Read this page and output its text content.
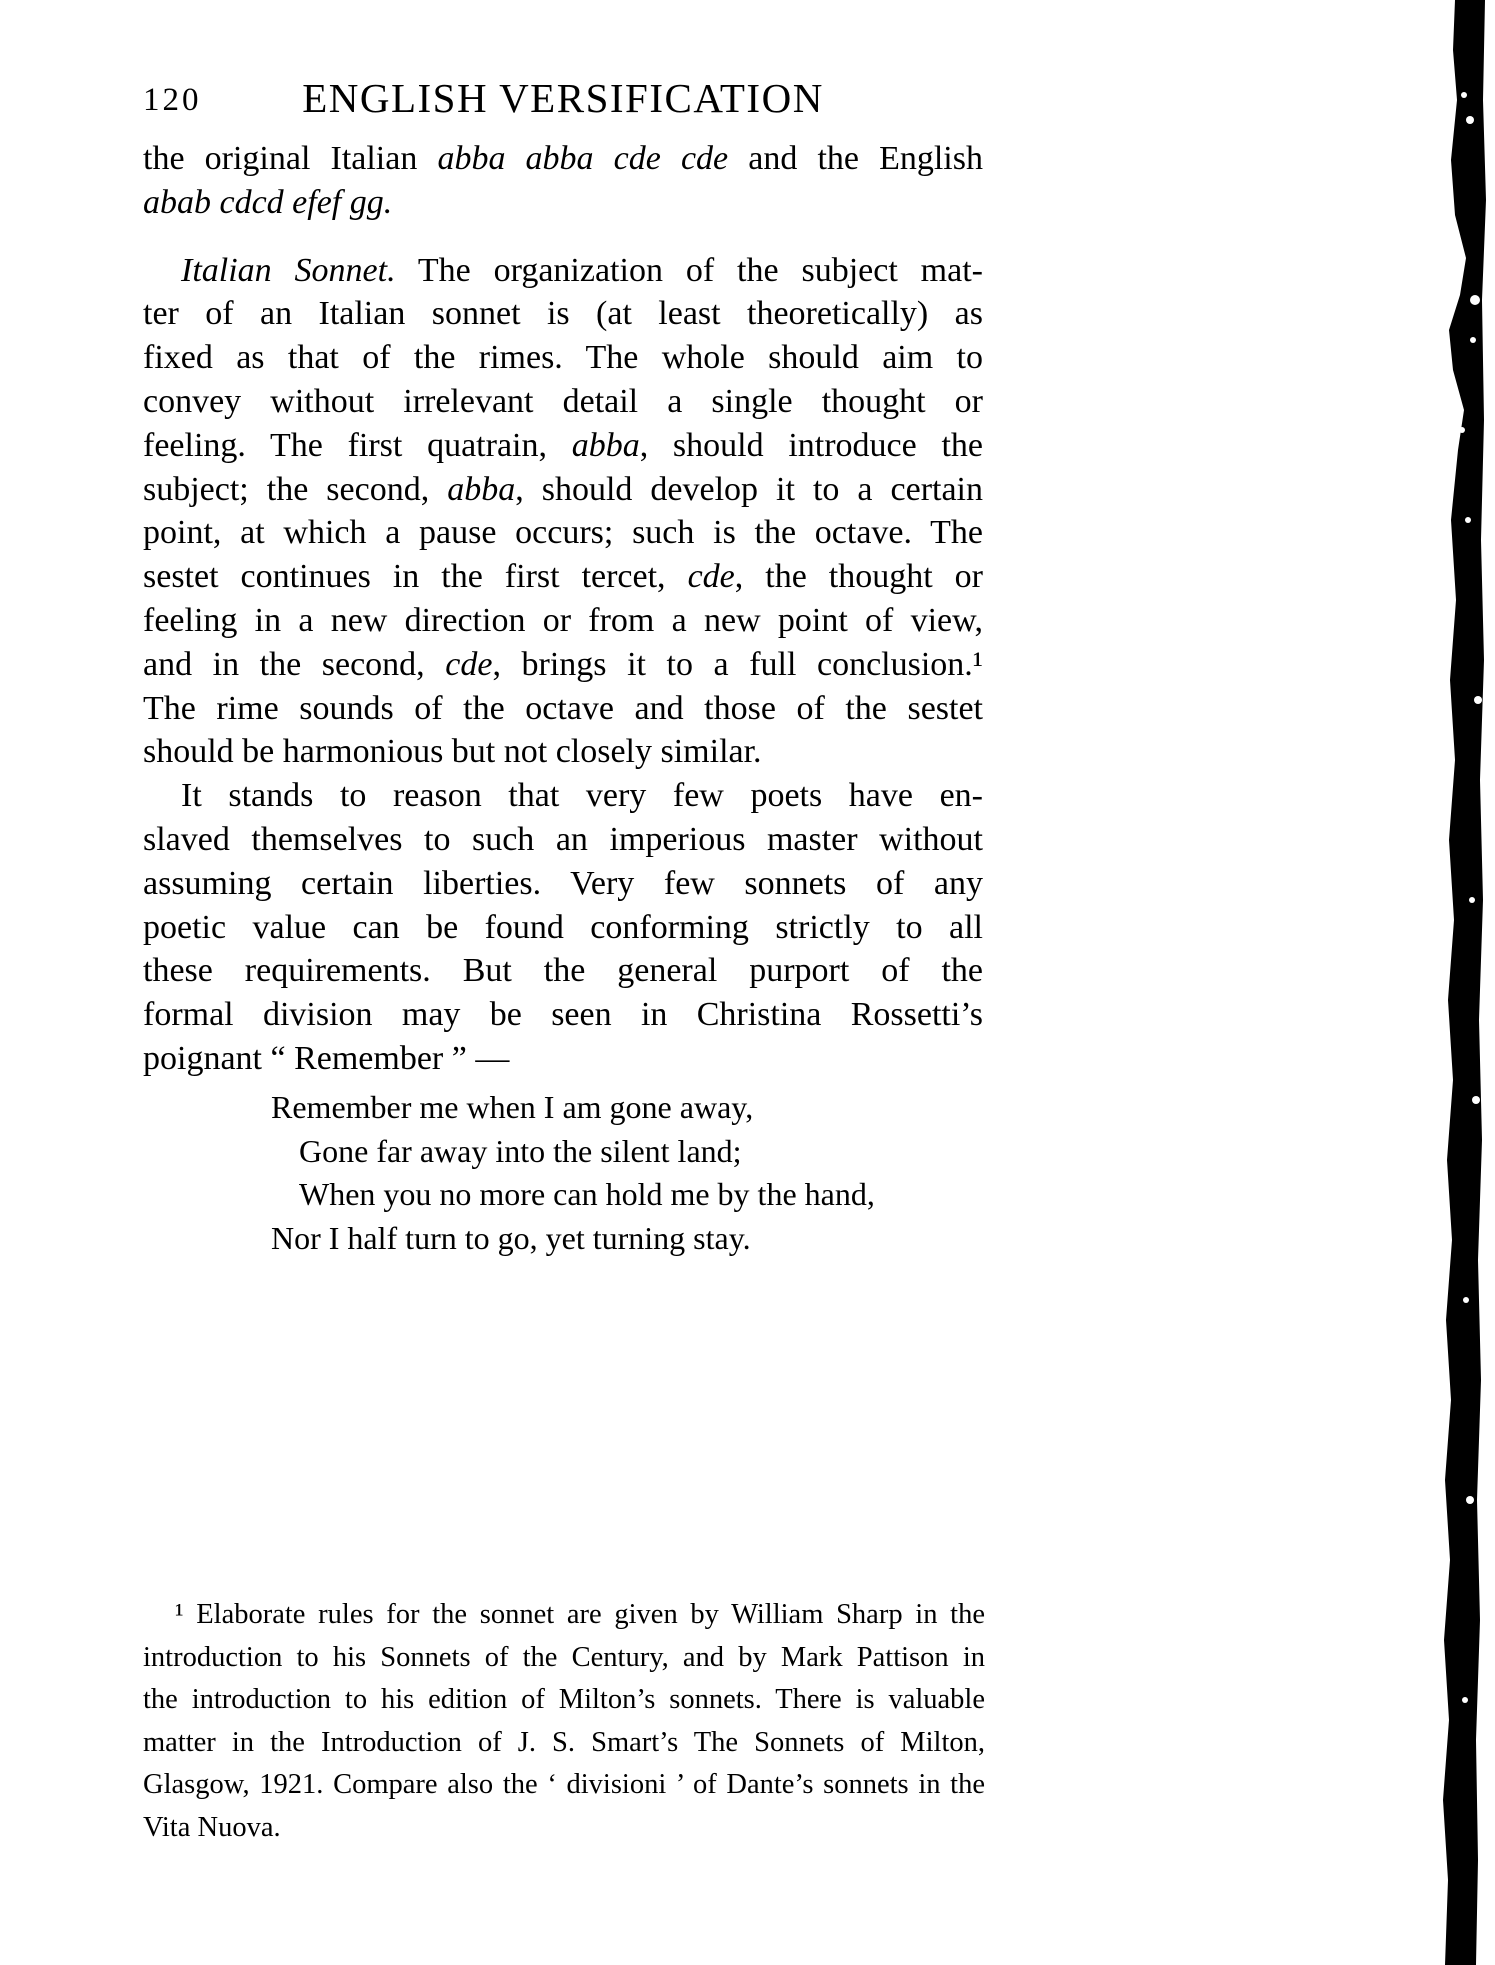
120	ENGLISH VERSIFICATION
the original Italian abba abba cde cde and the English
abab cdcd efef gg.
Italian Sonnet. The organization of the subject mat-
ter of an Italian sonnet is (at least theoretically) as
fixed as that of the rimes. The whole should aim to
convey without irrelevant detail a single thought or
feeling. The first quatrain, abba, should introduce the
subject; the second, abba, should develop it to a certain
point, at which a pause occurs; such is the octave. The
sestet continues in the first tercet, cde, the thought or
feeling in a new direction or from a new point of view,
and in the second, cde, brings it to a full conclusion.¹
The rime sounds of the octave and those of the sestet
should be harmonious but not closely similar.
It stands to reason that very few poets have en-
slaved themselves to such an imperious master without
assuming certain liberties. Very few sonnets of any
poetic value can be found conforming strictly to all
these requirements. But the general purport of the
formal division may be seen in Christina Rossetti’s
poignant “ Remember ” —
Remember me when I am gone away,
Gone far away into the silent land;
When you no more can hold me by the hand,
Nor I half turn to go, yet turning stay.
¹ Elaborate rules for the sonnet are given by William Sharp in the
introduction to his Sonnets of the Century, and by Mark Pattison in
the introduction to his edition of Milton’s sonnets. There is valuable
matter in the Introduction of J. S. Smart’s The Sonnets of Milton,
Glasgow, 1921. Compare also the ‘ divisioni ’ of Dante’s sonnets in the
Vita Nuova.
